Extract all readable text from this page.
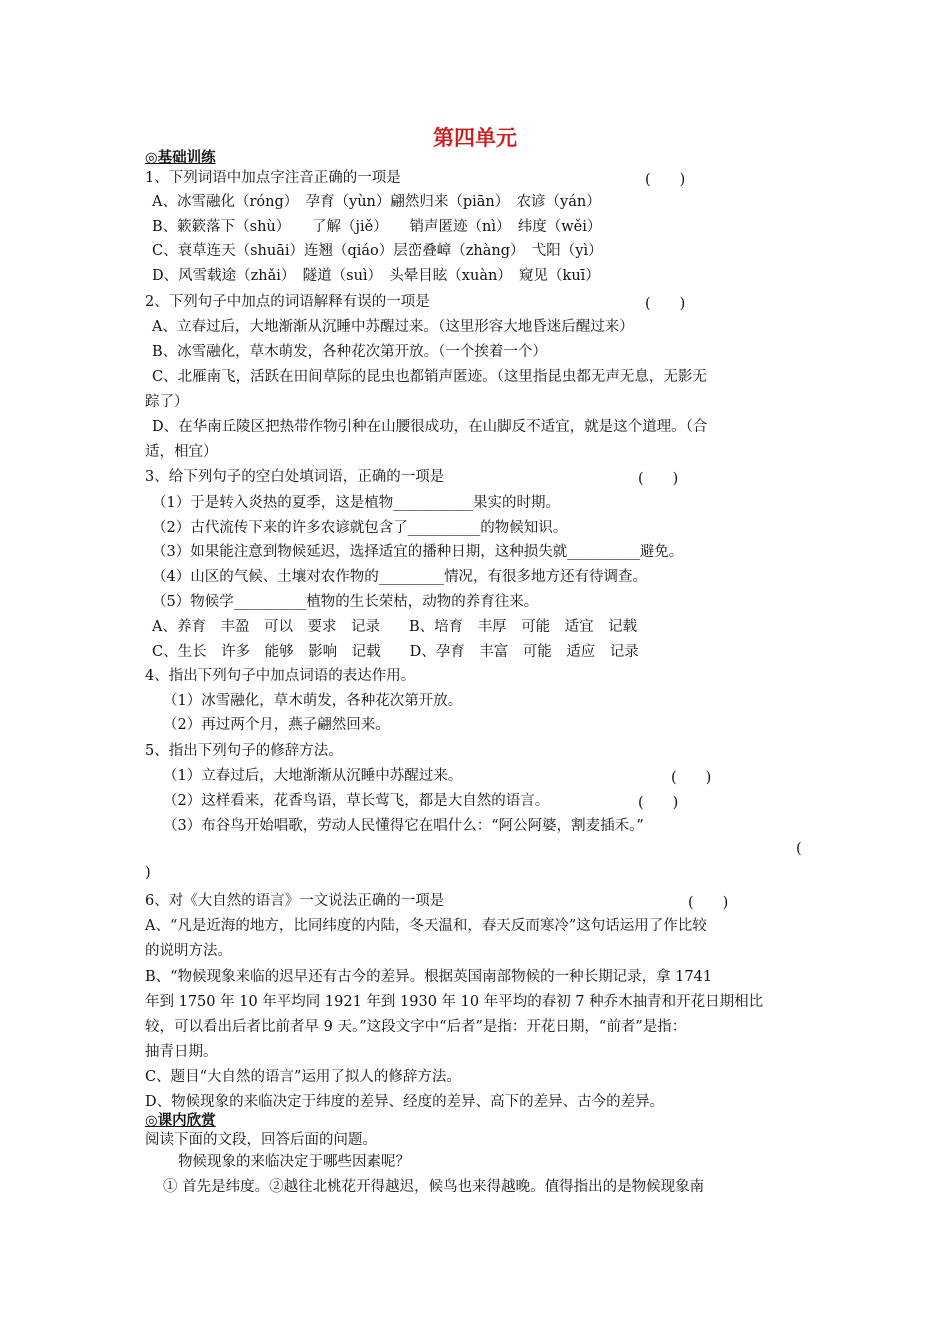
第四单元
◎基础训练
1、下列词语中加点字注音正确的一项是	(　　)
A、冰雪融化（róng）　孕育（yùn）翩然归来（piān）　农谚（yán）
B、簌簌落下（shù）　　了解（jiě）　　销声匿迹（nì）　纬度（wěi）
C、衰草连天（shuāi）连翘（qiáo）层峦叠嶂（zhàng）　弋阳（yì）
D、风雪载途（zhǎi）　隧道（suì）　头晕目眩（xuàn）　窥见（kuī）
2、下列句子中加点的词语解释有误的一项是	(　　)
A、立春过后，大地渐渐从沉睡中苏醒过来。（这里形容大地昏迷后醒过来）
B、冰雪融化，草木萌发，各种花次第开放。（一个挨着一个）
C、北雁南飞，活跃在田间草际的昆虫也都销声匿迹。（这里指昆虫都无声无息，无影无
踪了）
D、在华南丘陵区把热带作物引种在山腰很成功，在山脚反不适宜，就是这个道理。（合
适，相宜）
3、给下列句子的空白处填词语，正确的一项是	(　　)
（1）于是转入炎热的夏季，这是植物___________果实的时期。
（2）古代流传下来的许多农谚就包含了__________的物候知识。
（3）如果能注意到物候延迟，选择适宜的播种日期，这种损失就__________避免。
（4）山区的气候、土壤对农作物的_________情况，有很多地方还有待调查。
（5）物候学__________植物的生长荣枯，动物的养育往来。
A、养育　丰盈　可以　要求　记录　　B、培育　丰厚　可能　适宜　记载
C、生长　许多　能够　影响　记载　　D、孕育　丰富　可能　适应　记录
4、指出下列句子中加点词语的表达作用。
（1）冰雪融化，草木萌发，各种花次第开放。
（2）再过两个月，燕子翩然回来。
5、指出下列句子的修辞方法。
（1）立春过后，大地渐渐从沉睡中苏醒过来。	(　　)
（2）这样看来，花香鸟语，草长莺飞，都是大自然的语言。	(　　)
（3）布谷鸟开始唱歌，劳动人民懂得它在唱什么：“阿公阿婆，割麦插禾。”
(
)
6、对《大自然的语言》一文说法正确的一项是	(　　)
A、“凡是近海的地方，比同纬度的内陆，冬天温和，春天反而寒冷”这句话运用了作比较
的说明方法。
B、“物候现象来临的迟早还有古今的差异。根据英国南部物候的一种长期记录，拿 1741
年到 1750 年 10 年平均同 1921 年到 1930 年 10 年平均的春初 7 种乔木抽青和开花日期相比
较，可以看出后者比前者早 9 天。”这段文字中“后者”是指：开花日期，“前者”是指：
抽青日期。
C、题目“大自然的语言”运用了拟人的修辞方法。
D、物候现象的来临决定于纬度的差异、经度的差异、高下的差异、古今的差异。
◎课内欣赏
阅读下面的文段，回答后面的问题。
物候现象的来临决定于哪些因素呢？
① 首先是纬度。②越往北桃花开得越迟，候鸟也来得越晚。值得指出的是物候现象南
